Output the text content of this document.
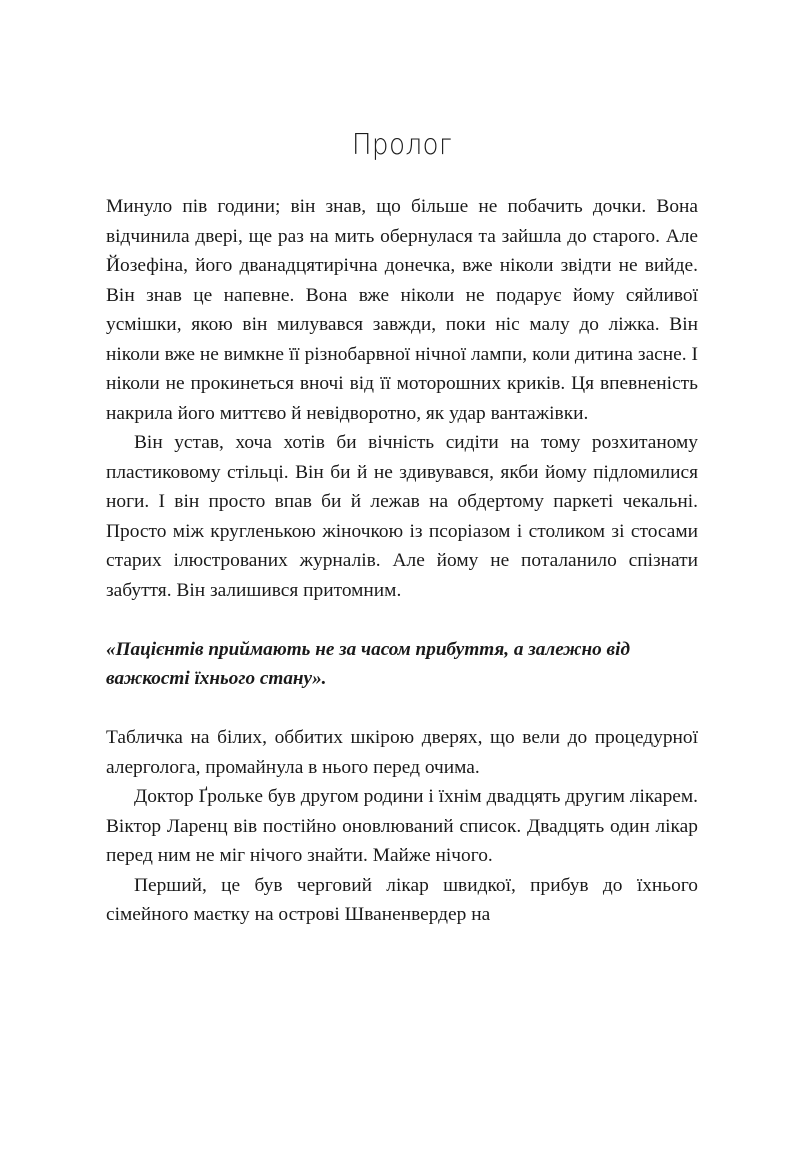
Пролог

Минуло пів години; він знав, що більше не побачить дочки. Вона відчинила двері, ще раз на мить обернулася та зайшла до старого. Але Йозефіна, його дванадцятирічна донечка, вже ніколи звідти не вийде. Він знав це напевне. Вона вже ніколи не подарує йому сяйливої усмішки, якою він милувався завжди, поки ніс малу до ліжка. Він ніколи вже не вимкне її різнобарвної нічної лампи, коли дитина засне. І ніколи не прокинеться вночі від її моторошних криків. Ця впевненість накрила його миттєво й невідворотно, як удар вантажівки.

Він устав, хоча хотів би вічність сидіти на тому розхитаному пластиковому стільці. Він би й не здивувався, якби йому підломилися ноги. І він просто впав би й лежав на обдертому паркеті чекальні. Просто між кругленькою жіночкою із псоріазом і столиком зі стосами старих ілюстрованих журналів. Але йому не поталанило спізнати забуття. Він залишився притомним.

«Пацієнтів приймають не за часом прибуття, а залежно від важкості їхнього стану».

Табличка на білих, оббитих шкірою дверях, що вели до процедурної алерголога, промайнула в нього перед очима.

Доктор Ґролькe був другом родини і їхнім двадцять другим лікарем. Віктор Ларенц вів постійно оновлюваний список. Двадцять один лікар перед ним не міг нічого знайти. Майже нічого.

Перший, це був черговий лікар швидкої, прибув до їхнього сімейного маєтку на острові Шваненвердер на
